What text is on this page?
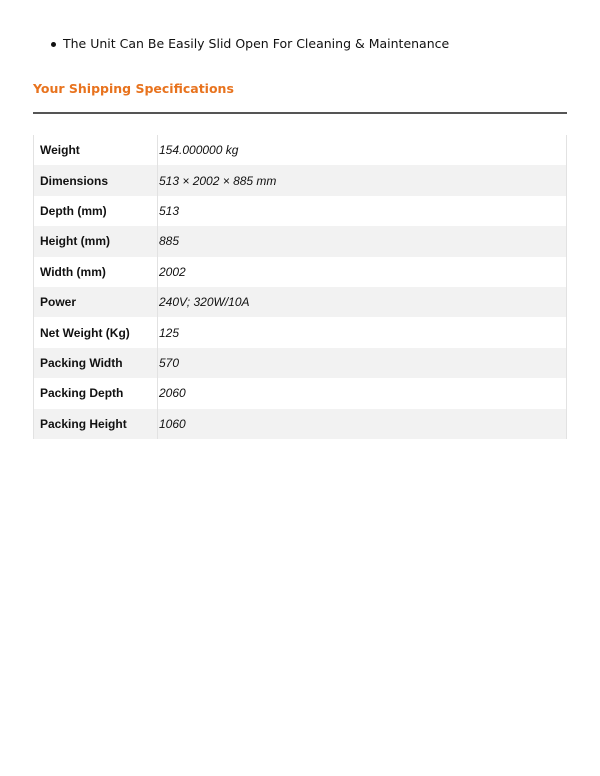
The Unit Can Be Easily Slid Open For Cleaning & Maintenance
Your Shipping Specifications
Weight	154.000000 kg
Dimensions	513 × 2002 × 885 mm
Depth (mm)	513
Height (mm)	885
Width (mm)	2002
Power	240V; 320W/10A
Net Weight (Kg)	125
Packing Width	570
Packing Depth	2060
Packing Height	1060
